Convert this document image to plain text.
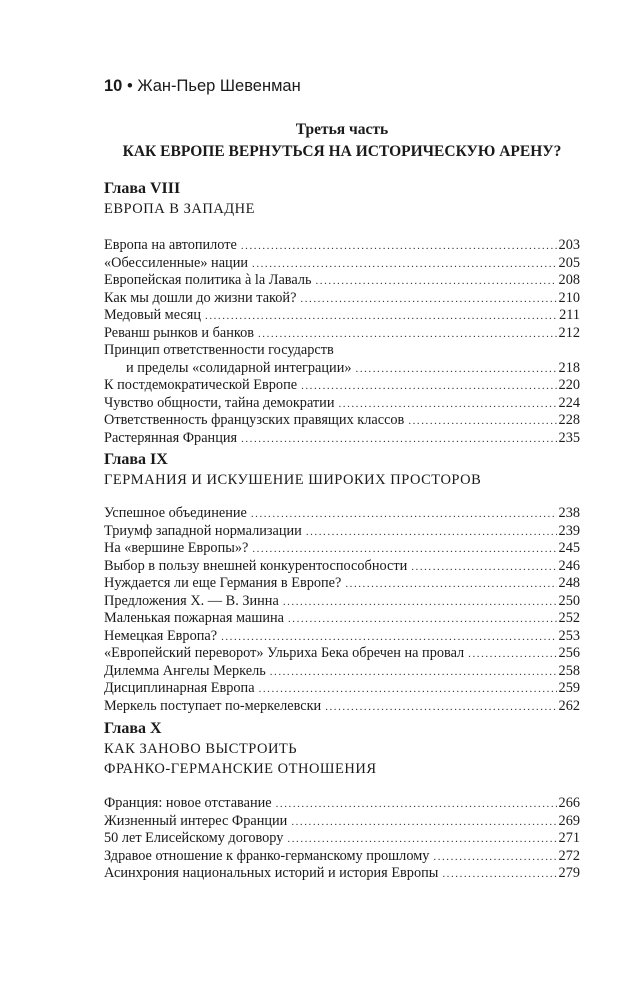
10 • Жан-Пьер Шевенман
Третья часть
КАК ЕВРОПЕ ВЕРНУТЬСЯ НА ИСТОРИЧЕСКУЮ АРЕНУ?
Глава VIII
ЕВРОПА В ЗАПАДНЕ
Европа на автопилоте . . .	203
«Обессиленные» нации . . .	205
Европейская политика à la Лаваль . . .	208
Как мы дошли до жизни такой? . . .	210
Медовый месяц . . .	211
Реванш рынков и банков . . .	212
Принцип ответственности государств
и пределы «солидарной интеграции» . . .	218
К постдемократической Европе . . .	220
Чувство общности, тайна демократии . . .	224
Ответственность французских правящих классов . . .	228
Растерянная Франция . . .	235
Глава IX
ГЕРМАНИЯ И ИСКУШЕНИЕ ШИРОКИХ ПРОСТОРОВ
Успешное объединение . . .	238
Триумф западной нормализации . . .	239
На «вершине Европы»? . . .	245
Выбор в пользу внешней конкурентоспособности . . .	246
Нуждается ли еще Германия в Европе? . . .	248
Предложения Х. — В. Зинна . . .	250
Маленькая пожарная машина . . .	252
Немецкая Европа? . . .	253
«Европейский переворот» Ульриха Бека обречен на провал . . .	256
Дилемма Ангелы Меркель . . .	258
Дисциплинарная Европа . . .	259
Меркель поступает по-меркелевски . . .	262
Глава X
КАК ЗАНОВО ВЫСТРОИТЬ
ФРАНКО-ГЕРМАНСКИЕ ОТНОШЕНИЯ
Франция: новое отставание . . .	266
Жизненный интерес Франции . . .	269
50 лет Елисейскому договору . . .	271
Здравое отношение к франко-германскому прошлому . . .	272
Асинхрония национальных историй и история Европы . . .	279
